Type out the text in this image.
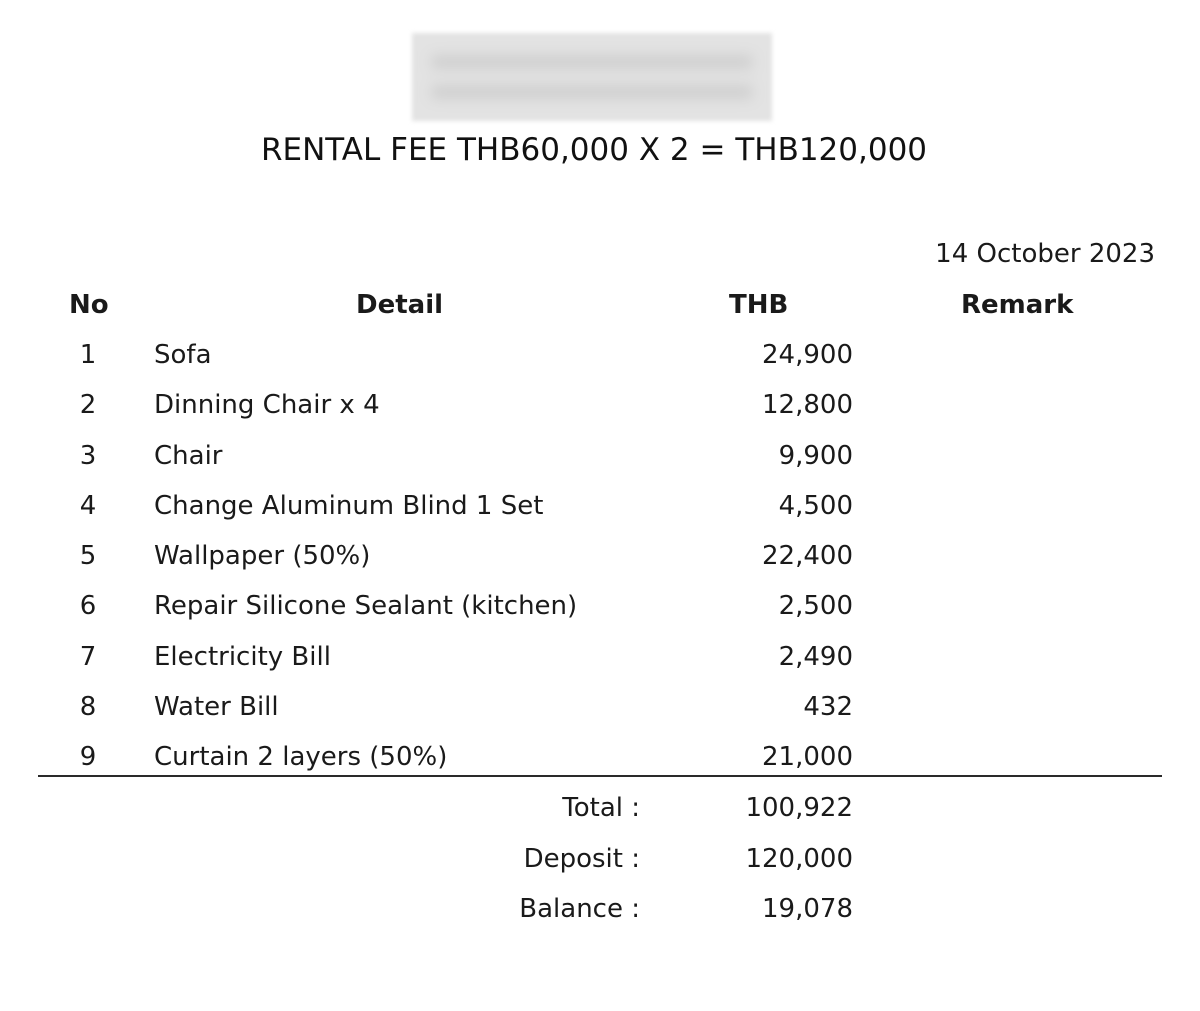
RENTAL FEE THB60,000 X 2 = THB120,000
14 October 2023
No	Detail	THB	Remark
1	Sofa	24,900
2	Dinning Chair x 4	12,800
3	Chair	9,900
4	Change Aluminum Blind 1 Set	4,500
5	Wallpaper (50%)	22,400
6	Repair Silicone Sealant (kitchen)	2,500
7	Electricity Bill	2,490
8	Water Bill	432
9	Curtain 2 layers (50%)	21,000
Total :	100,922
Deposit :	120,000
Balance :	19,078
